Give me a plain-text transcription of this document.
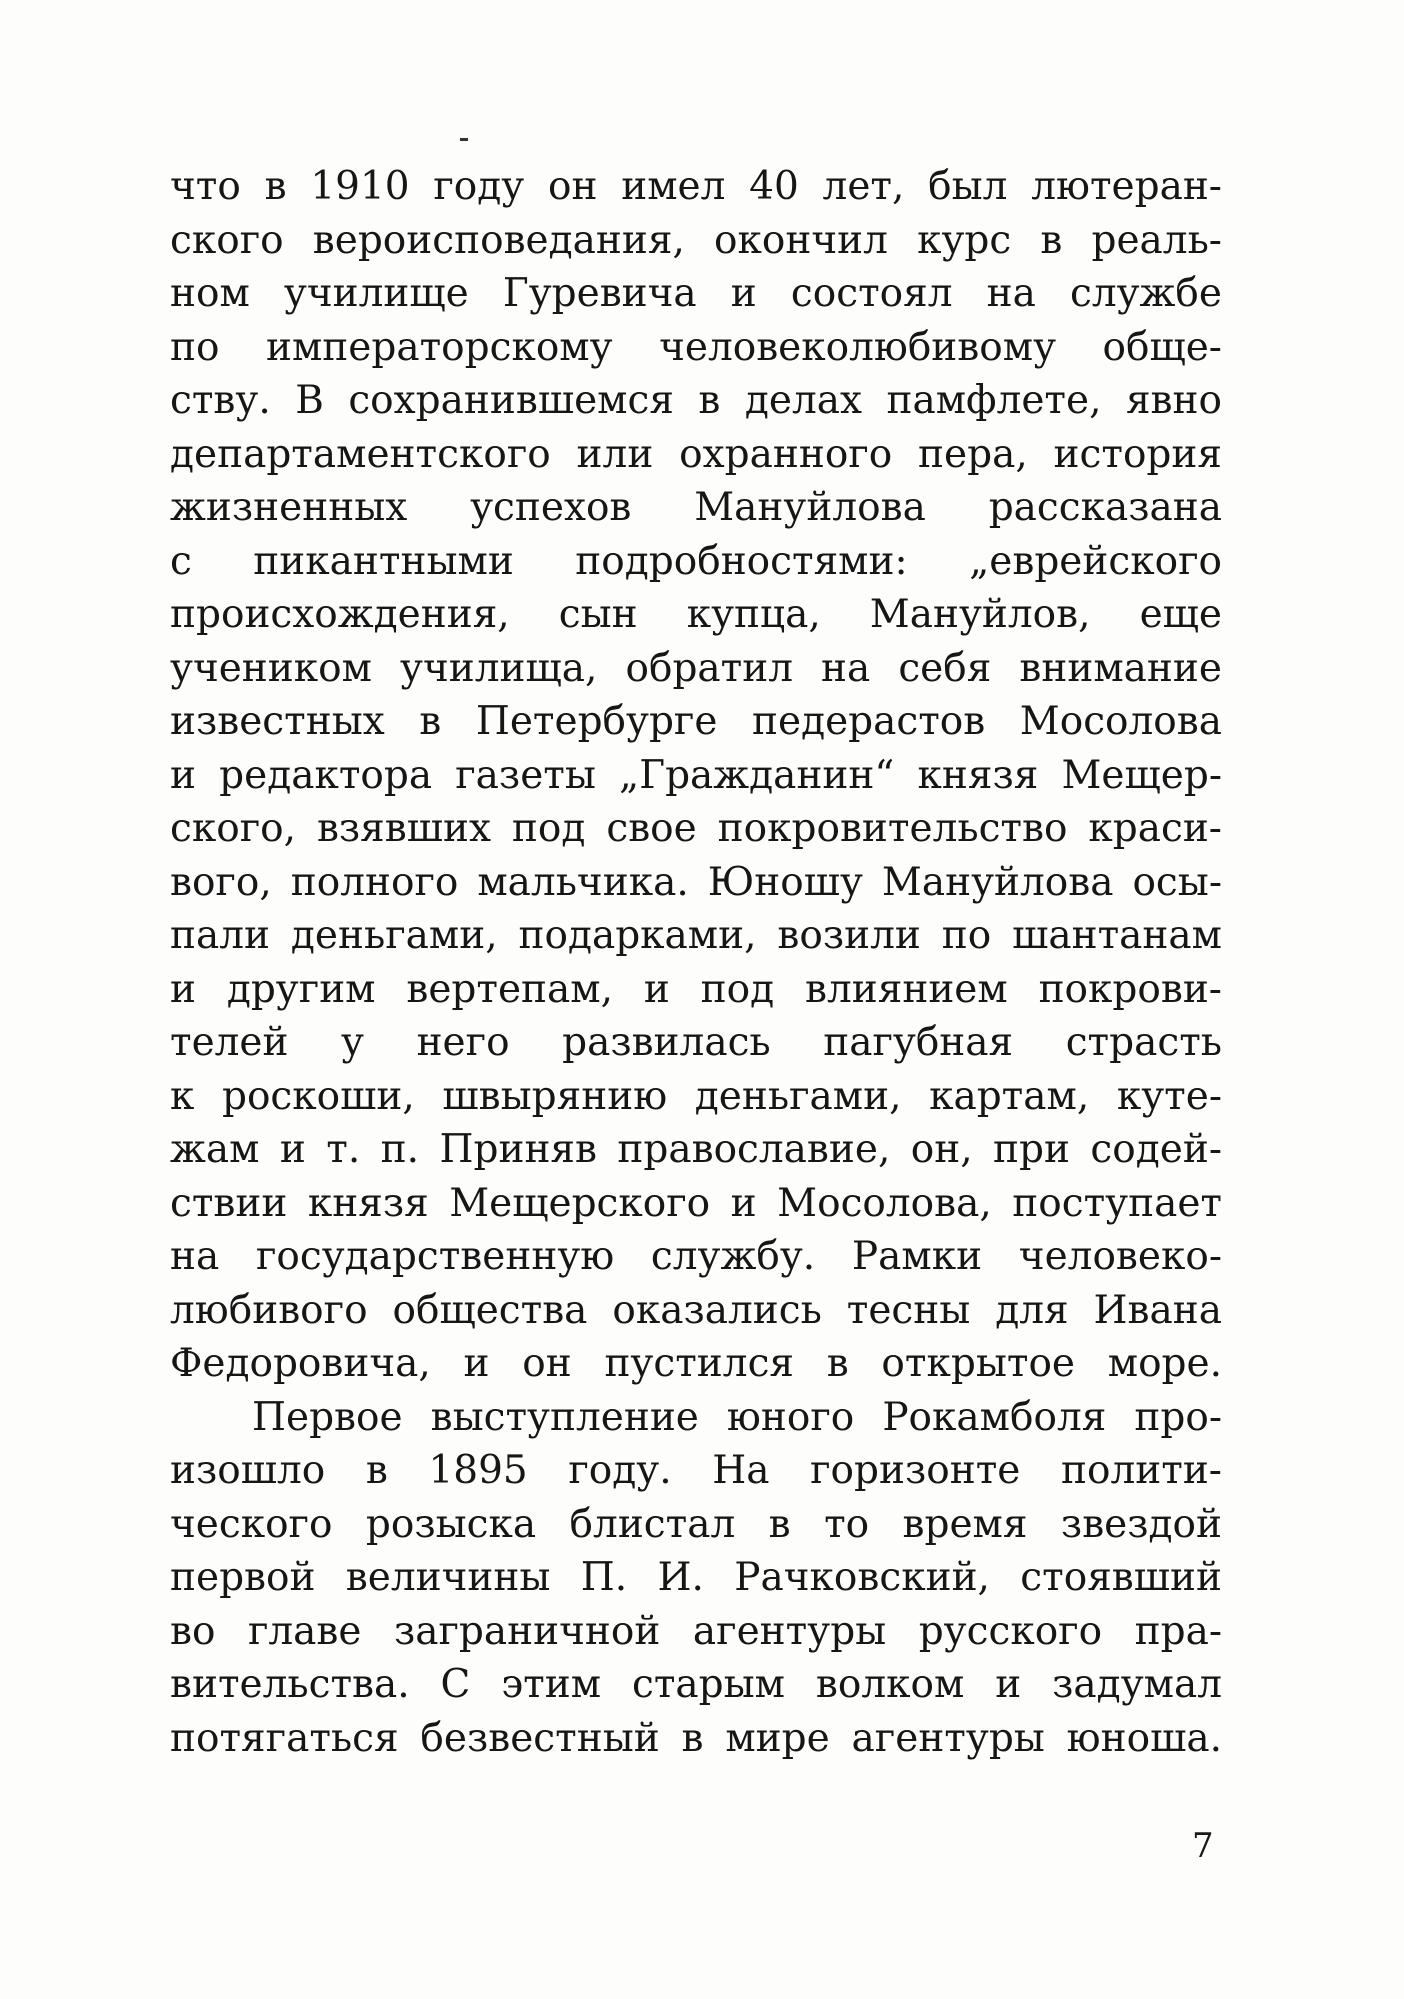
что в 1910 году он имел 40 лет, был лютеран-
ского вероисповедания, окончил курс в реаль-
ном училище Гуревича и состоял на службе
по императорскому человеколюбивому обще-
ству. В сохранившемся в делах памфлете, явно
департаментского или охранного пера, история
жизненных успехов Мануйлова рассказана
с пикантными подробностями: „еврейского
происхождения, сын купца, Мануйлов, еще
учеником училища, обратил на себя внимание
известных в Петербурге педерастов Мосолова
и редактора газеты „Гражданин“ князя Мещер-
ского, взявших под свое покровительство краси-
вого, полного мальчика. Юношу Мануйлова осы-
пали деньгами, подарками, возили по шантанам
и другим вертепам, и под влиянием покрови-
телей у него развилась пагубная страсть
к роскоши, швырянию деньгами, картам, куте-
жам и т. п. Приняв православие, он, при содей-
ствии князя Мещерского и Мосолова, поступает
на государственную службу. Рамки человеко-
любивого общества оказались тесны для Ивана
Федоровича, и он пустился в открытое море.
Первое выступление юного Рокамболя про-
изошло в 1895 году. На горизонте полити-
ческого розыска блистал в то время звездой
первой величины П. И. Рачковский, стоявший
во главе заграничной агентуры русского пра-
вительства. С этим старым волком и задумал
потягаться безвестный в мире агентуры юноша.
7
